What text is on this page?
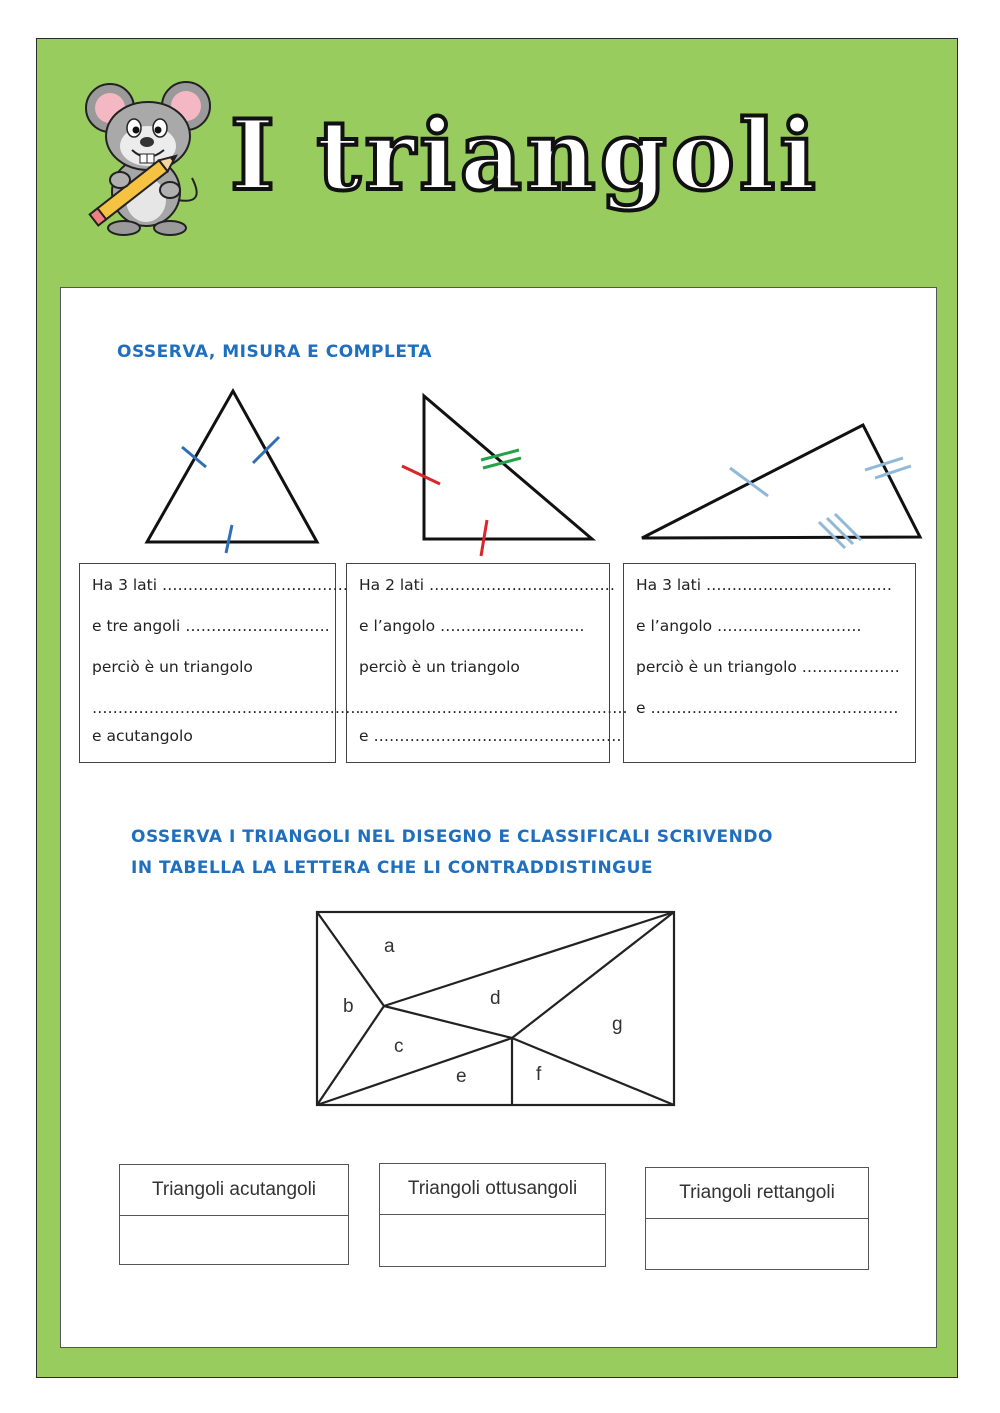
I triangoli
OSSERVA, MISURA E COMPLETA
Ha 3 lati ………………………………
e tre angoli ……………………….
perciò è un triangolo
…………………………………………….
e acutangolo
Ha 2 lati ………………………………
e l’angolo ……………………….
perciò è un triangolo
…………………………………………….
e …………………………………………
Ha 3 lati ………………………………
e l’angolo ……………………….
perciò è un triangolo ……………….
e …………………………………………
OSSERVA I TRIANGOLI NEL DISEGNO E CLASSIFICALI SCRIVENDO
IN TABELLA LA LETTERA CHE LI CONTRADDISTINGUE
a
b
c
d
e	f
g
Triangoli acutangoli	Triangoli ottusangoli	Triangoli rettangoli
